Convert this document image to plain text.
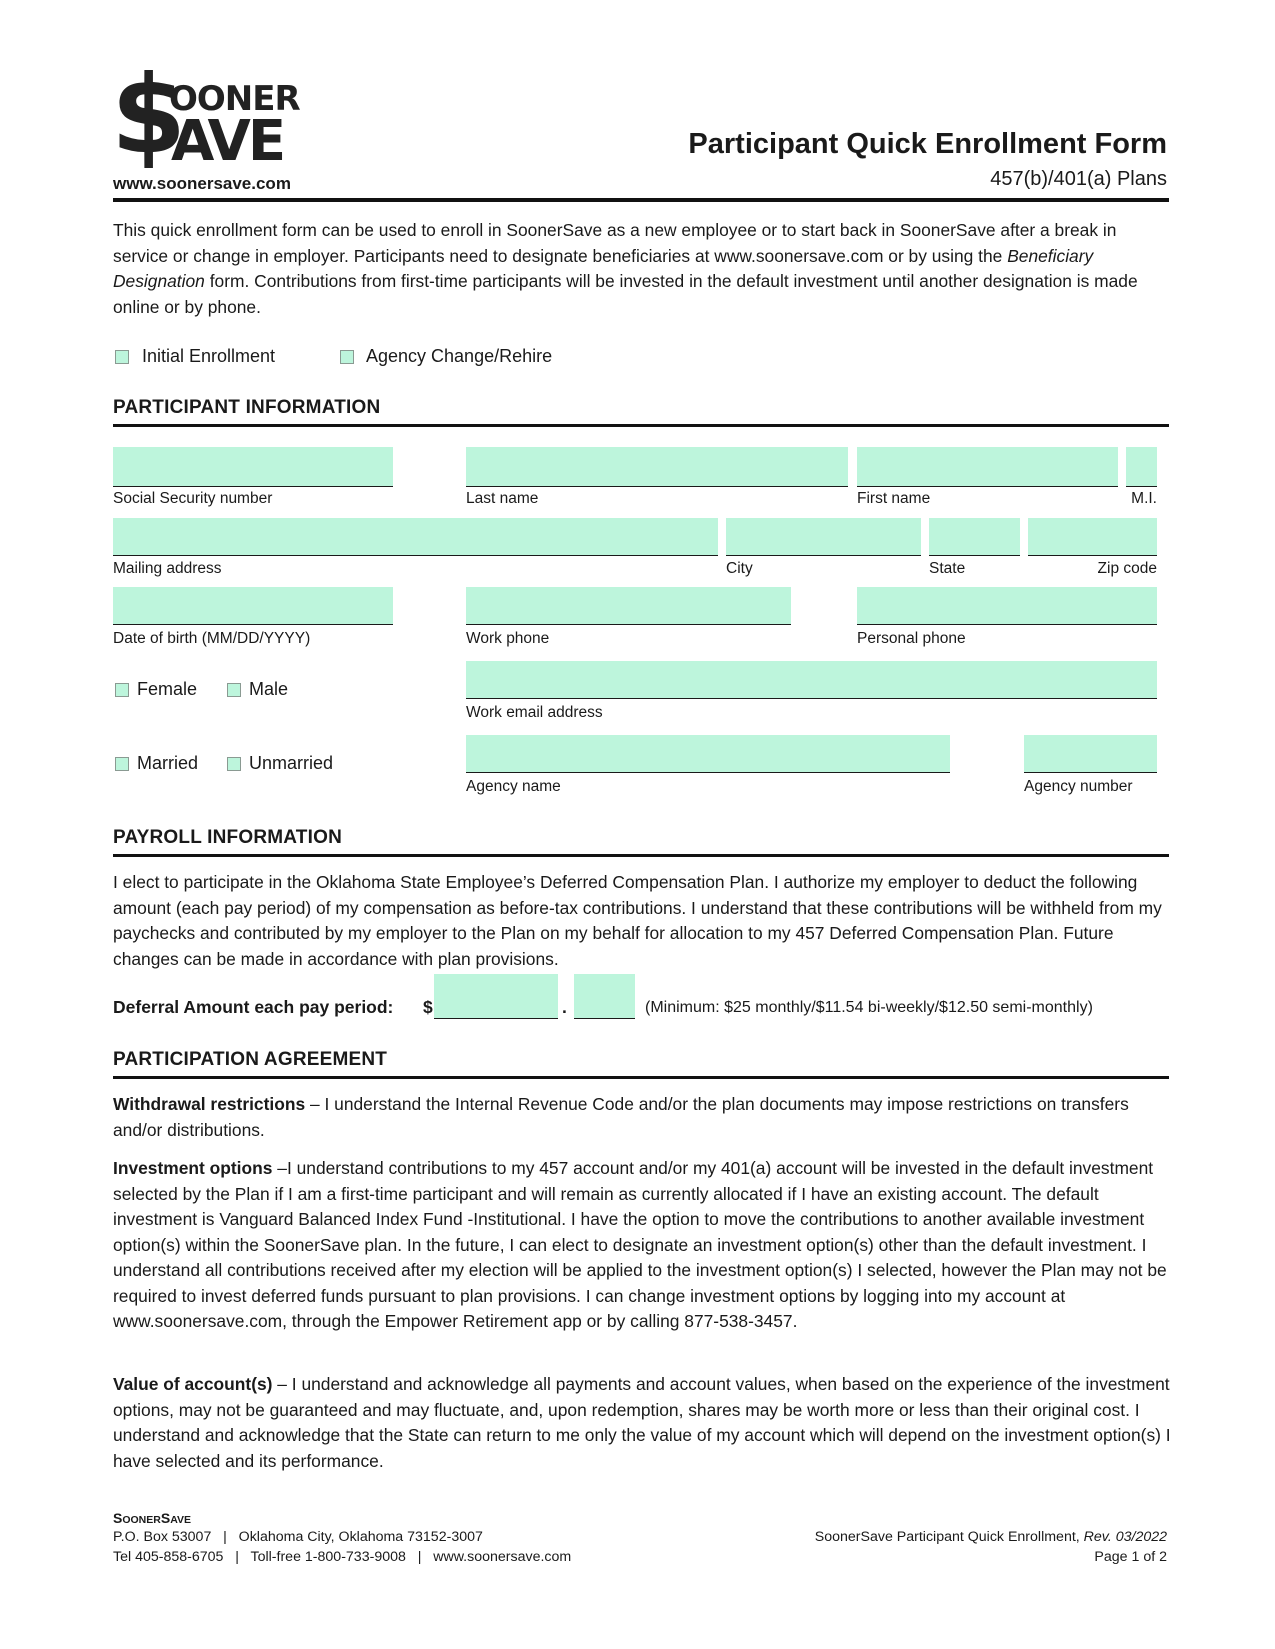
$
OONER
AVE
www.soonersave.com
Participant Quick Enrollment Form
457(b)/401(a) Plans
This quick enrollment form can be used to enroll in SoonerSave as a new employee or to start back in SoonerSave after a break in service or change in employer. Participants need to designate beneficiaries at www.soonersave.com or by using the Beneficiary Designation form. Contributions from first-time participants will be invested in the default investment until another designation is made online or by phone.
Initial Enrollment	Agency Change/Rehire
PARTICIPANT INFORMATION
Social Security number	Last name	First name	M.I.
Mailing address	City	State	Zip code
Date of birth (MM/DD/YYYY)	Work phone	Personal phone
Female	Male
Work email address
Married	Unmarried
Agency name	Agency number
PAYROLL INFORMATION
I elect to participate in the Oklahoma State Employee’s Deferred Compensation Plan. I authorize my employer to deduct the following amount (each pay period) of my compensation as before-tax contributions. I understand that these contributions will be withheld from my paychecks and contributed by my employer to the Plan on my behalf for allocation to my 457 Deferred Compensation Plan. Future changes can be made in accordance with plan provisions.
Deferral Amount each pay period: $	.	(Minimum: $25 monthly/$11.54 bi-weekly/$12.50 semi-monthly)
PARTICIPATION AGREEMENT
Withdrawal restrictions – I understand the Internal Revenue Code and/or the plan documents may impose restrictions on transfers and/or distributions.
Investment options –I understand contributions to my 457 account and/or my 401(a) account will be invested in the default investment selected by the Plan if I am a first-time participant and will remain as currently allocated if I have an existing account. The default investment is Vanguard Balanced Index Fund -Institutional. I have the option to move the contributions to another available investment option(s) within the SoonerSave plan. In the future, I can elect to designate an investment option(s) other than the default investment. I understand all contributions received after my election will be applied to the investment option(s) I selected, however the Plan may not be required to invest deferred funds pursuant to plan provisions. I can change investment options by logging into my account at www.soonersave.com, through the Empower Retirement app or by calling 877-538-3457.
Value of account(s) – I understand and acknowledge all payments and account values, when based on the experience of the investment options, may not be guaranteed and may fluctuate, and, upon redemption, shares may be worth more or less than their original cost. I understand and acknowledge that the State can return to me only the value of my account which will depend on the investment option(s) I have selected and its performance.
SOONERSAVE
P.O. Box 53007   |   Oklahoma City, Oklahoma 73152-3007
Tel 405-858-6705   |   Toll-free 1-800-733-9008   |   www.soonersave.com
SoonerSave Participant Quick Enrollment, Rev. 03/2022
Page 1 of 2
